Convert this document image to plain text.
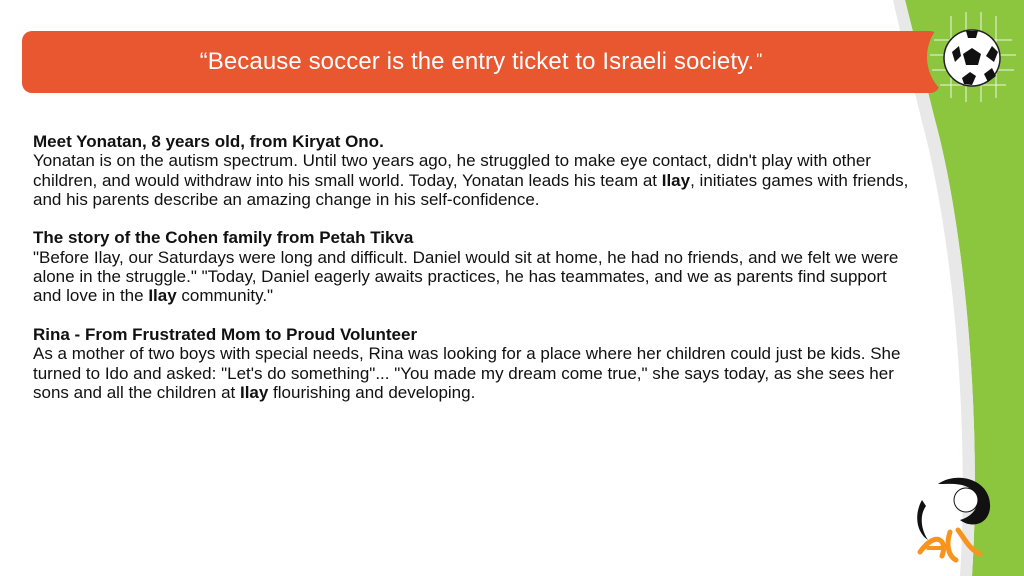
“Because soccer is the entry ticket to Israeli society. "
Meet Yonatan, 8 years old, from Kiryat Ono.
Yonatan is on the autism spectrum. Until two years ago, he struggled to make eye contact, didn't play with other children, and would withdraw into his small world. Today, Yonatan leads his team at Ilay, initiates games with friends, and his parents describe an amazing change in his self-confidence.
The story of the Cohen family from Petah Tikva
"Before Ilay, our Saturdays were long and difficult. Daniel would sit at home, he had no friends, and we felt we were alone in the struggle." "Today, Daniel eagerly awaits practices, he has teammates, and we as parents find support and love in the Ilay community."
Rina - From Frustrated Mom to Proud Volunteer
As a mother of two boys with special needs, Rina was looking for a place where her children could just be kids. She turned to Ido and asked: "Let's do something"... "You made my dream come true," she says today, as she sees her sons and all the children at Ilay flourishing and developing.
